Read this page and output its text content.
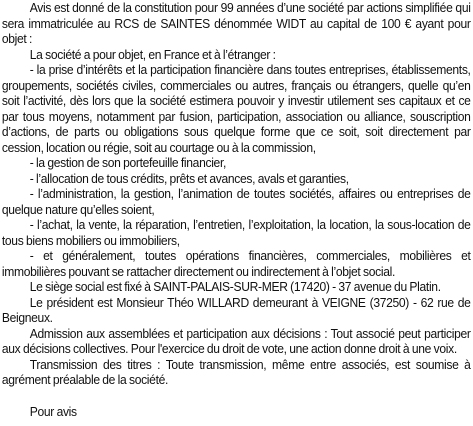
Avis est donné de la constitution pour 99 années d’une société par actions simplifiée qui sera immatriculée au RCS de SAINTES dénommée WIDT au capital de 100 € ayant pour objet :

La société a pour objet, en France et à l’étranger :

- la prise d’intérêts et la participation financière dans toutes entreprises, établissements, groupements, sociétés civiles, commerciales ou autres, français ou étrangers, quelle qu’en soit l’activité, dès lors que la société estimera pouvoir y investir utilement ses capitaux et ce par tous moyens, notamment par fusion, participation, association ou alliance, souscription d’actions, de parts ou obligations sous quelque forme que ce soit, soit directement par cession, location ou régie, soit au courtage ou à la commission,

- la gestion de son portefeuille financier,

- l’allocation de tous crédits, prêts et avances, avals et garanties,

- l’administration, la gestion, l’animation de toutes sociétés, affaires ou entreprises de quelque nature qu’elles soient,

- l’achat, la vente, la réparation, l’entretien, l’exploitation, la location, la sous-location de tous biens mobiliers ou immobiliers,

- et généralement, toutes opérations financières, commerciales, mobilières et immobilières pouvant se rattacher directement ou indirectement à l’objet social.

Le siège social est fixé à SAINT-PALAIS-SUR-MER (17420) - 37 avenue du Platin.

Le président est Monsieur Théo WILLARD demeurant à VEIGNE (37250) - 62 rue de Beigneux.

Admission aux assemblées et participation aux décisions : Tout associé peut participer aux décisions collectives. Pour l'exercice du droit de vote, une action donne droit à une voix.

Transmission des titres : Toute transmission, même entre associés, est soumise à agrément préalable de la société.

Pour avis
